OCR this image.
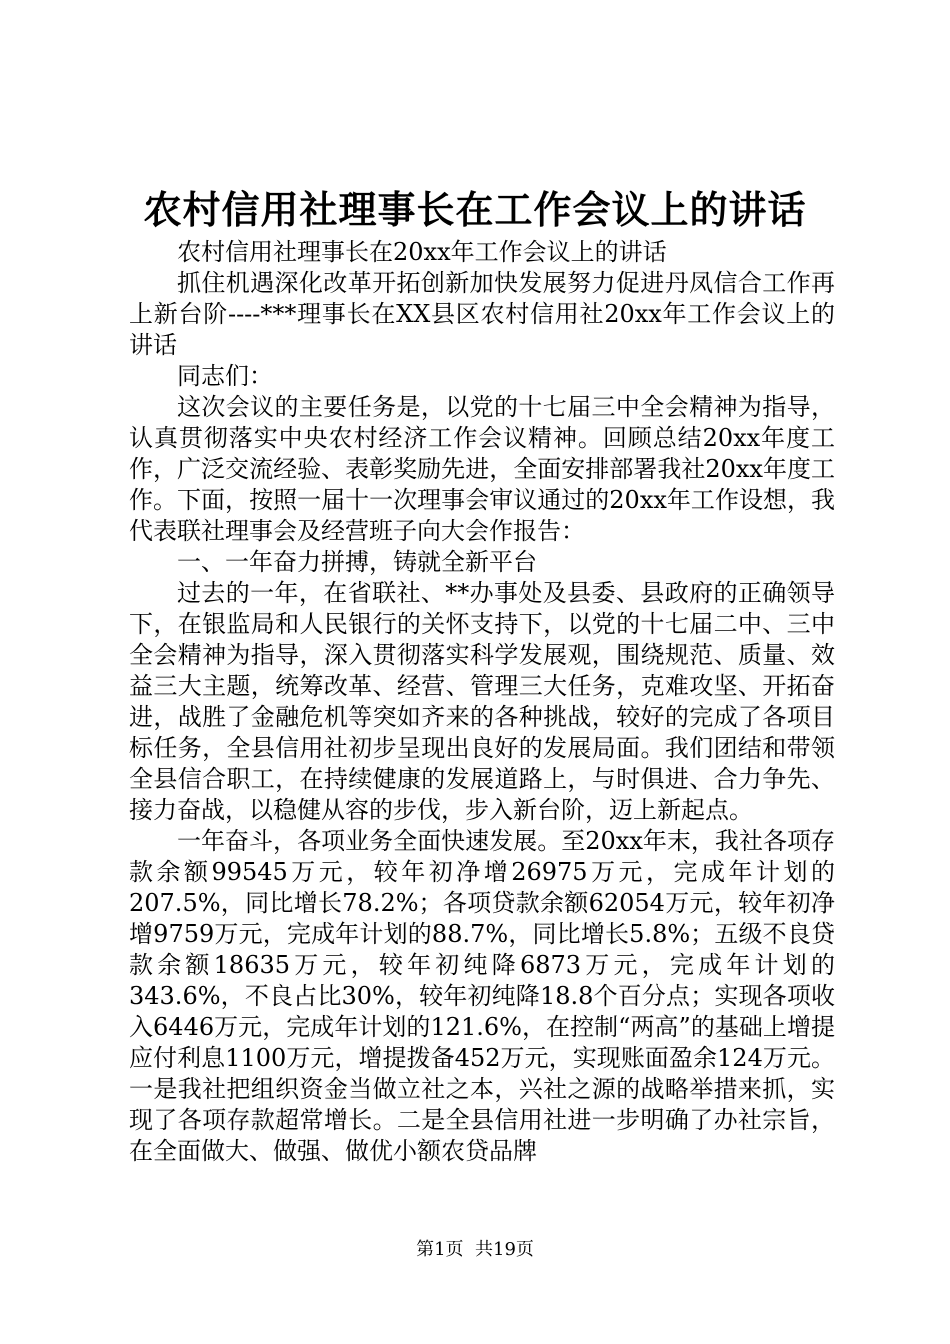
农村信用社理事长在工作会议上的讲话

农村信用社理事长在20xx年工作会议上的讲话

抓住机遇深化改革开拓创新加快发展努力促进丹凤信合工作再上新台阶----***理事长在XX县区农村信用社20xx年工作会议上的讲话

同志们：

这次会议的主要任务是，以党的十七届三中全会精神为指导，认真贯彻落实中央农村经济工作会议精神。回顾总结20xx年度工作，广泛交流经验、表彰奖励先进，全面安排部署我社20xx年度工作。下面，按照一届十一次理事会审议通过的20xx年工作设想，我代表联社理事会及经营班子向大会作报告：

一、一年奋力拼搏，铸就全新平台

过去的一年，在省联社、**办事处及县委、县政府的正确领导下，在银监局和人民银行的关怀支持下，以党的十七届二中、三中全会精神为指导，深入贯彻落实科学发展观，围绕规范、质量、效益三大主题，统筹改革、经营、管理三大任务，克难攻坚、开拓奋进，战胜了金融危机等突如齐来的各种挑战，较好的完成了各项目标任务，全县信用社初步呈现出良好的发展局面。我们团结和带领全县信合职工，在持续健康的发展道路上，与时俱进、合力争先、接力奋战，以稳健从容的步伐，步入新台阶，迈上新起点。

一年奋斗，各项业务全面快速发展。至20xx年末，我社各项存款余额99545万元，较年初净增26975万元，完成年计划的207.5%，同比增长78.2%；各项贷款余额62054万元，较年初净增9759万元，完成年计划的88.7%，同比增长5.8%；五级不良贷款余额18635万元，较年初纯降6873万元，完成年计划的343.6%，不良占比30%，较年初纯降18.8个百分点；实现各项收入6446万元，完成年计划的121.6%，在控制“两高”的基础上增提应付利息1100万元，增提拨备452万元，实现账面盈余124万元。一是我社把组织资金当做立社之本，兴社之源的战略举措来抓，实现了各项存款超常增长。二是全县信用社进一步明确了办社宗旨，在全面做大、做强、做优小额农贷品牌

第1页 共19页
